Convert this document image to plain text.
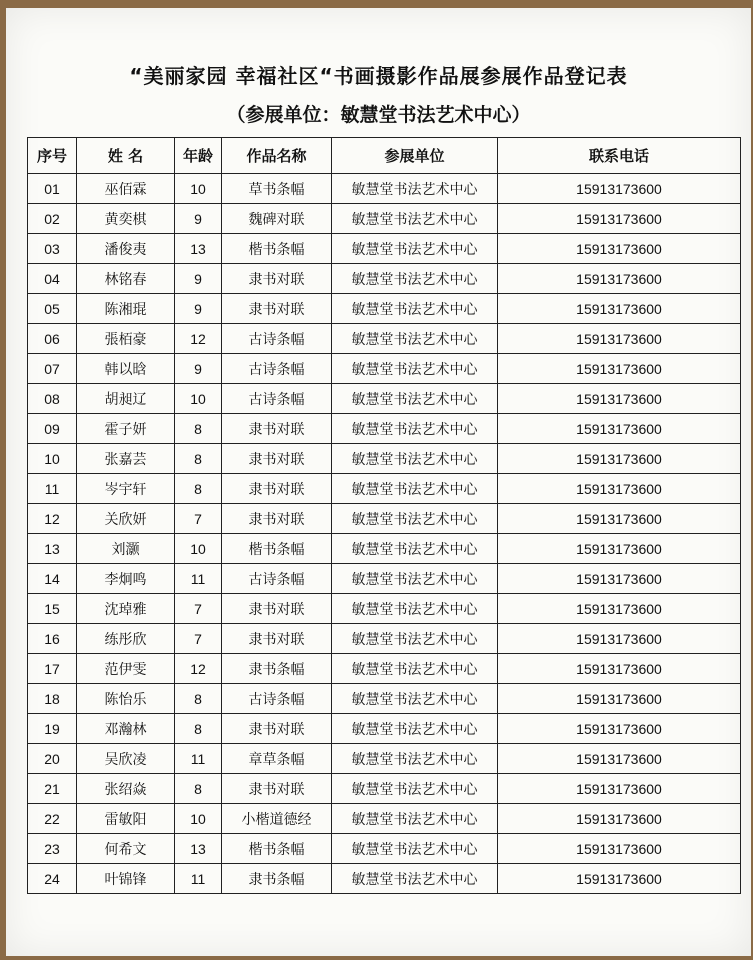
“美丽家园 幸福社区“书画摄影作品展参展作品登记表
（参展单位：敏慧堂书法艺术中心）
序号	姓 名	年龄	作品名称	参展单位	联系电话
01	巫佰霖	10	草书条幅	敏慧堂书法艺术中心	15913173600
02	黄奕棋	9	魏碑对联	敏慧堂书法艺术中心	15913173600
03	潘俊夷	13	楷书条幅	敏慧堂书法艺术中心	15913173600
04	林铭春	9	隶书对联	敏慧堂书法艺术中心	15913173600
05	陈湘琨	9	隶书对联	敏慧堂书法艺术中心	15913173600
06	張栢豪	12	古诗条幅	敏慧堂书法艺术中心	15913173600
07	韩以晗	9	古诗条幅	敏慧堂书法艺术中心	15913173600
08	胡昶辽	10	古诗条幅	敏慧堂书法艺术中心	15913173600
09	霍子妍	8	隶书对联	敏慧堂书法艺术中心	15913173600
10	张嘉芸	8	隶书对联	敏慧堂书法艺术中心	15913173600
11	岑宇轩	8	隶书对联	敏慧堂书法艺术中心	15913173600
12	关欣妍	7	隶书对联	敏慧堂书法艺术中心	15913173600
13	刘灏	10	楷书条幅	敏慧堂书法艺术中心	15913173600
14	李炯鸣	11	古诗条幅	敏慧堂书法艺术中心	15913173600
15	沈琸雅	7	隶书对联	敏慧堂书法艺术中心	15913173600
16	练彤欣	7	隶书对联	敏慧堂书法艺术中心	15913173600
17	范伊雯	12	隶书条幅	敏慧堂书法艺术中心	15913173600
18	陈怡乐	8	古诗条幅	敏慧堂书法艺术中心	15913173600
19	邓瀚林	8	隶书对联	敏慧堂书法艺术中心	15913173600
20	吴欣凌	11	章草条幅	敏慧堂书法艺术中心	15913173600
21	张绍焱	8	隶书对联	敏慧堂书法艺术中心	15913173600
22	雷敏阳	10	小楷道德经	敏慧堂书法艺术中心	15913173600
23	何希文	13	楷书条幅	敏慧堂书法艺术中心	15913173600
24	叶锦锋	11	隶书条幅	敏慧堂书法艺术中心	15913173600
